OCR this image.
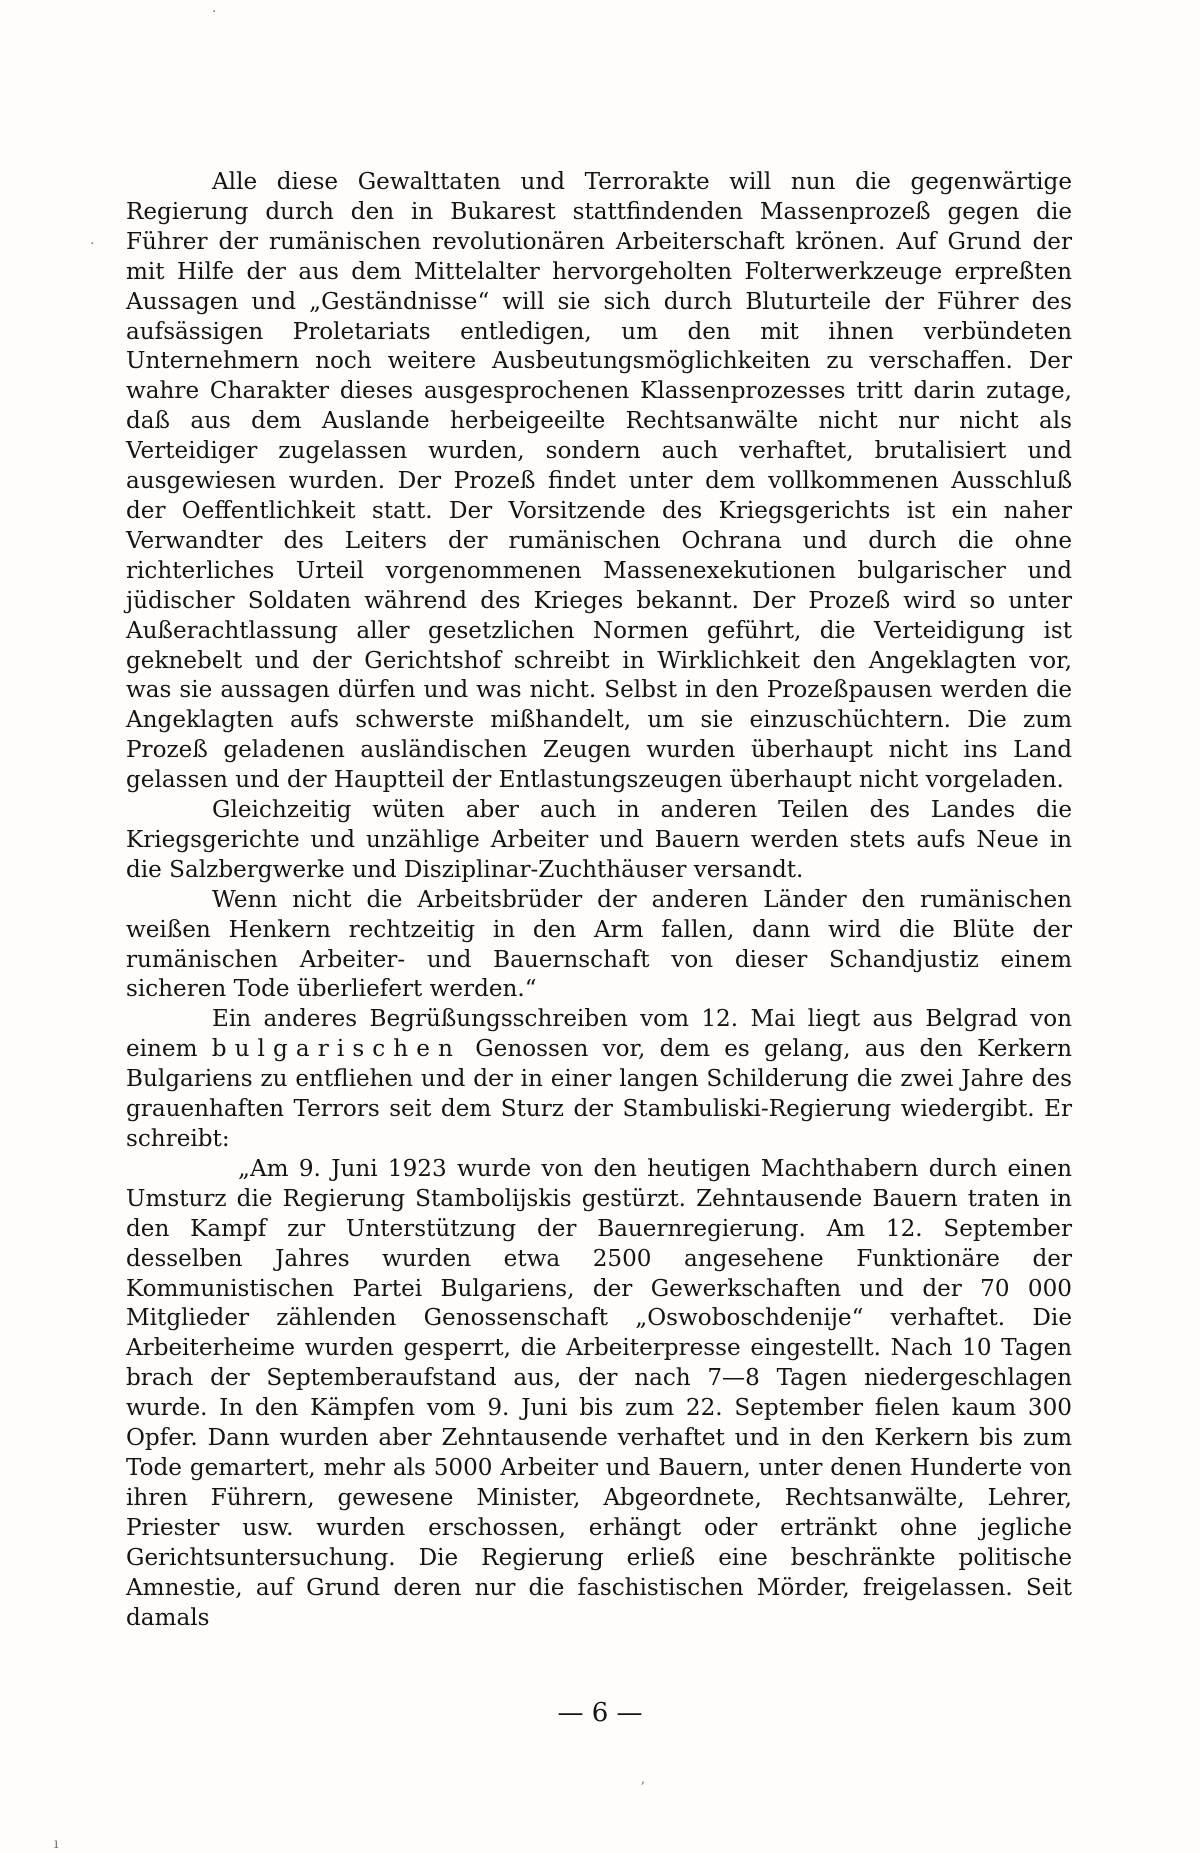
Alle diese Gewalttaten und Terrorakte will nun die gegenwärtige Regierung durch den in Bukarest stattfindenden Massenprozeß gegen die Führer der rumänischen revolutionären Arbeiterschaft krönen. Auf Grund der mit Hilfe der aus dem Mittelalter hervorgeholten Folterwerkzeuge erpreßten Aussagen und „Geständnisse“ will sie sich durch Bluturteile der Führer des aufsässigen Proletariats entledigen, um den mit ihnen verbündeten Unternehmern noch weitere Ausbeutungsmöglichkeiten zu verschaffen. Der wahre Charakter dieses ausgesprochenen Klassenprozesses tritt darin zutage, daß aus dem Auslande herbeigeeilte Rechtsanwälte nicht nur nicht als Verteidiger zugelassen wurden, sondern auch verhaftet, brutalisiert und ausgewiesen wurden. Der Prozeß findet unter dem vollkommenen Ausschluß der Oeffentlichkeit statt. Der Vorsitzende des Kriegsgerichts ist ein naher Verwandter des Leiters der rumänischen Ochrana und durch die ohne richterliches Urteil vorgenommenen Massenexekutionen bulgarischer und jüdischer Soldaten während des Krieges bekannt. Der Prozeß wird so unter Außerachtlassung aller gesetzlichen Normen geführt, die Verteidigung ist geknebelt und der Gerichtshof schreibt in Wirklichkeit den Angeklagten vor, was sie aussagen dürfen und was nicht. Selbst in den Prozeßpausen werden die Angeklagten aufs schwerste mißhandelt, um sie einzuschüchtern. Die zum Prozeß geladenen ausländischen Zeugen wurden überhaupt nicht ins Land gelassen und der Hauptteil der Entlastungszeugen überhaupt nicht vorgeladen.

Gleichzeitig wüten aber auch in anderen Teilen des Landes die Kriegsgerichte und unzählige Arbeiter und Bauern werden stets aufs Neue in die Salzbergwerke und Disziplinar-Zuchthäuser versandt.

Wenn nicht die Arbeitsbrüder der anderen Länder den rumänischen weißen Henkern rechtzeitig in den Arm fallen, dann wird die Blüte der rumänischen Arbeiter- und Bauernschaft von dieser Schandjustiz einem sicheren Tode überliefert werden.“

Ein anderes Begrüßungsschreiben vom 12. Mai liegt aus Belgrad von einem bulgarischen Genossen vor, dem es gelang, aus den Kerkern Bulgariens zu entfliehen und der in einer langen Schilderung die zwei Jahre des grauenhaften Terrors seit dem Sturz der Stambuliski-Regierung wiedergibt. Er schreibt:

„Am 9. Juni 1923 wurde von den heutigen Machthabern durch einen Umsturz die Regierung Stambolijskis gestürzt. Zehntausende Bauern traten in den Kampf zur Unterstützung der Bauernregierung. Am 12. September desselben Jahres wurden etwa 2500 angesehene Funktionäre der Kommunistischen Partei Bulgariens, der Gewerkschaften und der 70 000 Mitglieder zählenden Genossenschaft „Oswoboschdenije“ verhaftet. Die Arbeiterheime wurden gesperrt, die Arbeiterpresse eingestellt. Nach 10 Tagen brach der Septemberaufstand aus, der nach 7—8 Tagen niedergeschlagen wurde. In den Kämpfen vom 9. Juni bis zum 22. September fielen kaum 300 Opfer. Dann wurden aber Zehntausende verhaftet und in den Kerkern bis zum Tode gemartert, mehr als 5000 Arbeiter und Bauern, unter denen Hunderte von ihren Führern, gewesene Minister, Abgeordnete, Rechtsanwälte, Lehrer, Priester usw. wurden erschossen, erhängt oder ertränkt ohne jegliche Gerichtsuntersuchung. Die Regierung erließ eine beschränkte politische Amnestie, auf Grund deren nur die faschistischen Mörder, freigelassen. Seit damals

— 6 —
·
·
ʼ
ı
